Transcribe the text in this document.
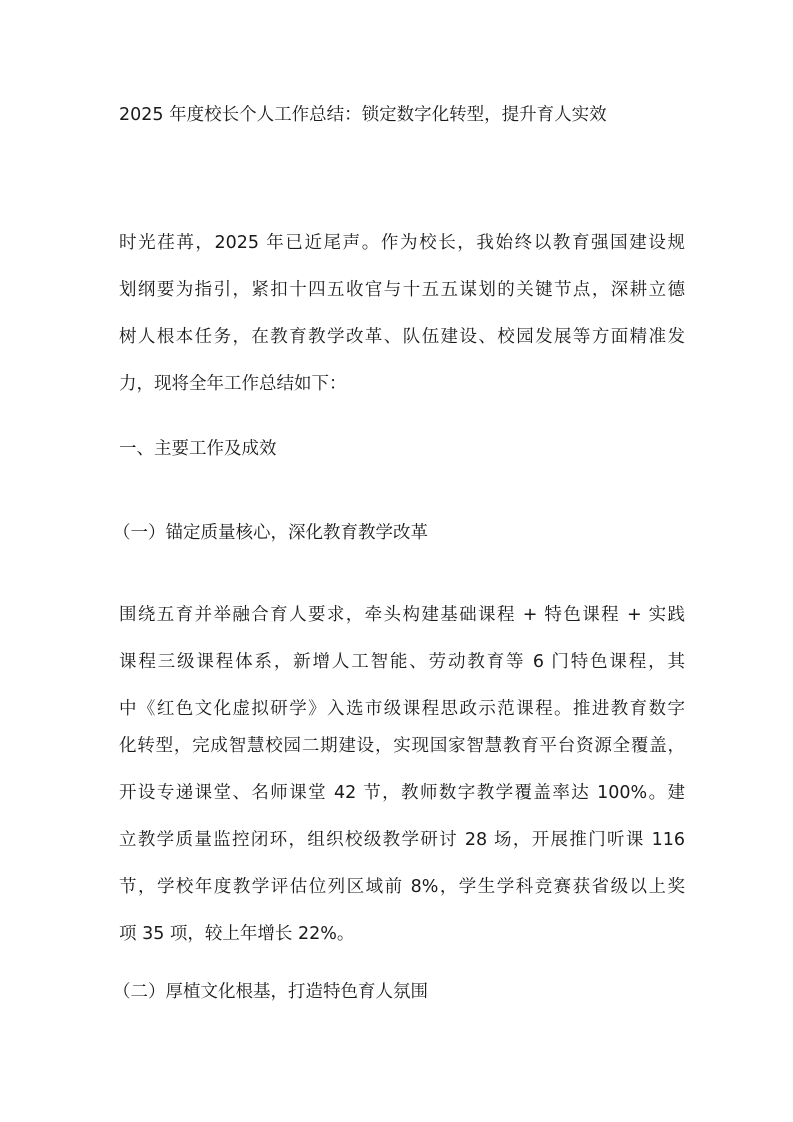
2025 年度校长个人工作总结：锁定数字化转型，提升育人实效
时光荏苒，2025 年已近尾声。作为校长，我始终以教育强国建设规
划纲要为指引，紧扣十四五收官与十五五谋划的关键节点，深耕立德
树人根本任务，在教育教学改革、队伍建设、校园发展等方面精准发
力，现将全年工作总结如下：
一、主要工作及成效
（一）锚定质量核心，深化教育教学改革
围绕五育并举融合育人要求，牵头构建基础课程 + 特色课程 + 实践
课程三级课程体系，新增人工智能、劳动教育等 6 门特色课程，其
中《红色文化虚拟研学》入选市级课程思政示范课程。推进教育数字
化转型，完成智慧校园二期建设，实现国家智慧教育平台资源全覆盖，
开设专递课堂、名师课堂 42 节，教师数字教学覆盖率达 100%。建
立教学质量监控闭环，组织校级教学研讨 28 场，开展推门听课 116
节，学校年度教学评估位列区域前 8%，学生学科竞赛获省级以上奖
项 35 项，较上年增长 22%。
（二）厚植文化根基，打造特色育人氛围
